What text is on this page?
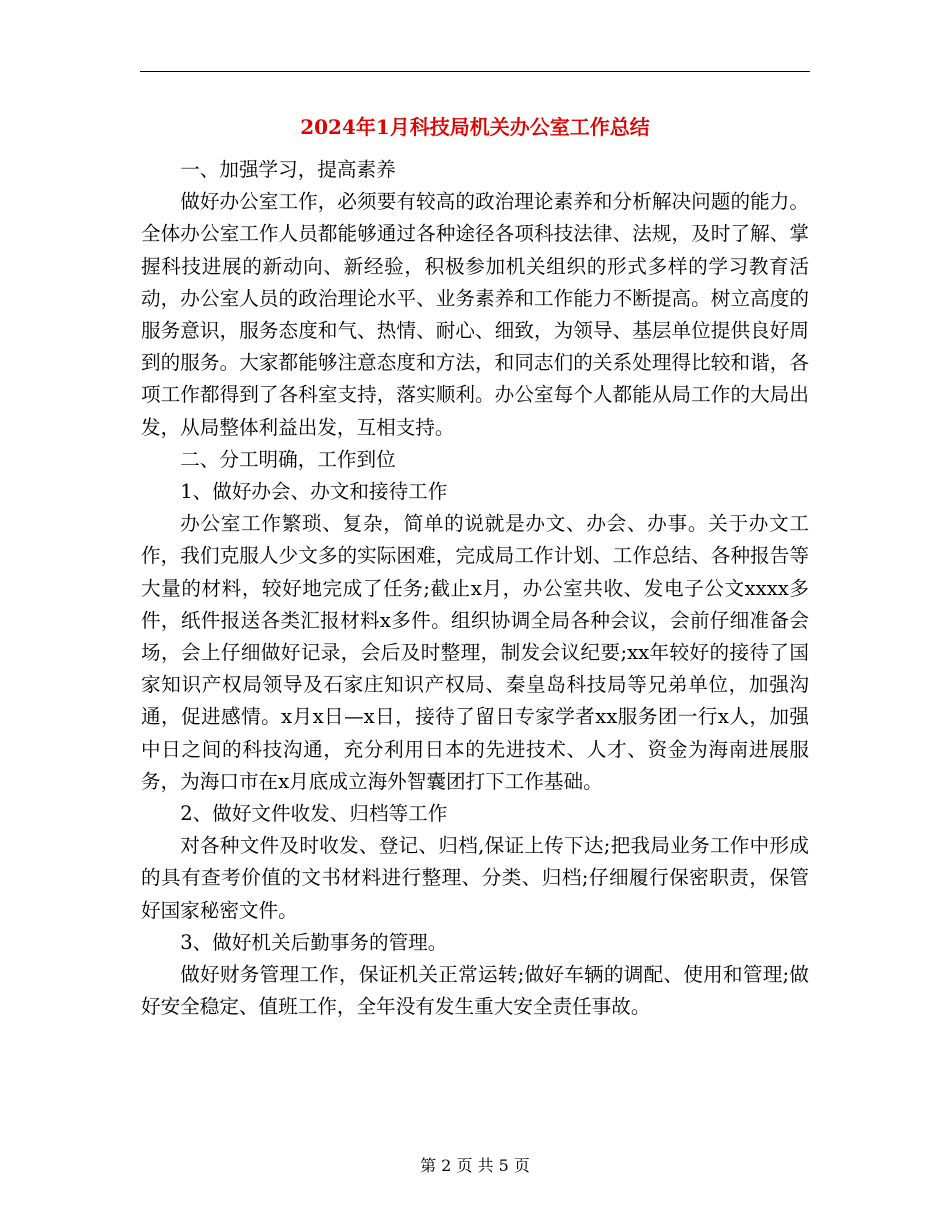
2024年1月科技局机关办公室工作总结

一、加强学习，提高素养

做好办公室工作，必须要有较高的政治理论素养和分析解决问题的能力。全体办公室工作人员都能够通过各种途径各项科技法律、法规，及时了解、掌握科技进展的新动向、新经验，积极参加机关组织的形式多样的学习教育活动，办公室人员的政治理论水平、业务素养和工作能力不断提高。树立高度的服务意识，服务态度和气、热情、耐心、细致，为领导、基层单位提供良好周到的服务。大家都能够注意态度和方法，和同志们的关系处理得比较和谐，各项工作都得到了各科室支持，落实顺利。办公室每个人都能从局工作的大局出发，从局整体利益出发，互相支持。

二、分工明确，工作到位

1、做好办会、办文和接待工作

办公室工作繁琐、复杂，简单的说就是办文、办会、办事。关于办文工作，我们克服人少文多的实际困难，完成局工作计划、工作总结、各种报告等大量的材料，较好地完成了任务;截止x月，办公室共收、发电子公文xxxx多件，纸件报送各类汇报材料x多件。组织协调全局各种会议，会前仔细准备会场，会上仔细做好记录，会后及时整理，制发会议纪要;xx年较好的接待了国家知识产权局领导及石家庄知识产权局、秦皇岛科技局等兄弟单位，加强沟通，促进感情。x月x日—x日，接待了留日专家学者xx服务团一行x人，加强中日之间的科技沟通，充分利用日本的先进技术、人才、资金为海南进展服务，为海口市在x月底成立海外智囊团打下工作基础。

2、做好文件收发、归档等工作

对各种文件及时收发、登记、归档,保证上传下达;把我局业务工作中形成的具有查考价值的文书材料进行整理、分类、归档;仔细履行保密职责，保管好国家秘密文件。

3、做好机关后勤事务的管理。

做好财务管理工作，保证机关正常运转;做好车辆的调配、使用和管理;做好安全稳定、值班工作，全年没有发生重大安全责任事故。

第 2 页 共 5 页
